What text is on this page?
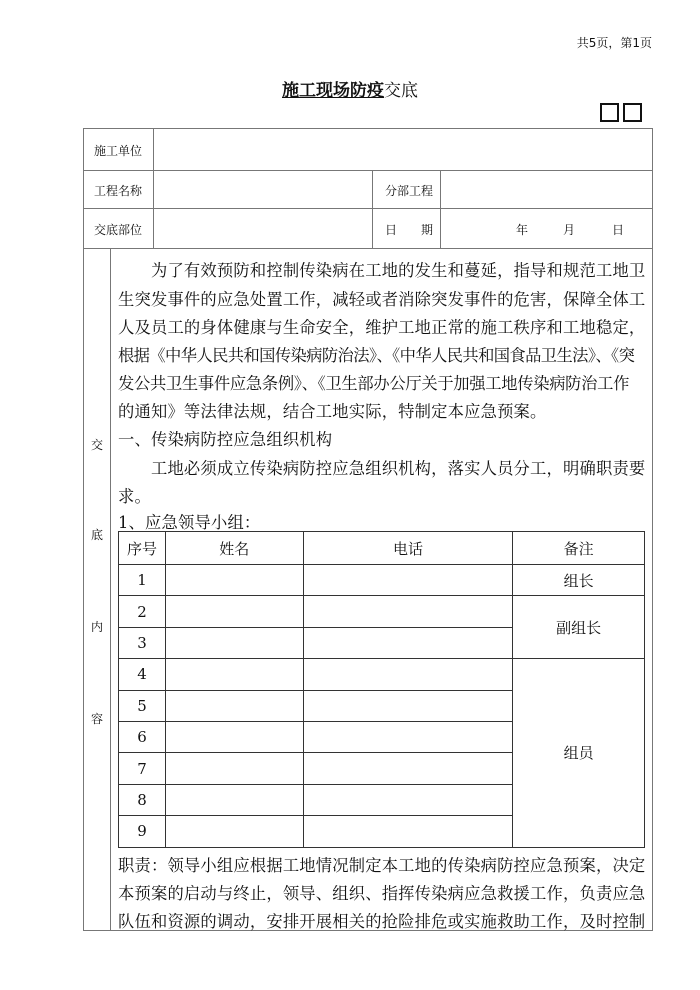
共5页，第1页
施工现场防疫交底
施工单位
工程名称	分部工程
交底部位	日　　期	年	月	日
交
底
内
容
　　为了有效预防和控制传染病在工地的发生和蔓延，指导和规范工地卫
生突发事件的应急处置工作，减轻或者消除突发事件的危害，保障全体工
人及员工的身体健康与生命安全，维护工地正常的施工秩序和工地稳定，
根据《中华人民共和国传染病防治法》、《中华人民共和国食品卫生法》、《突
发公共卫生事件应急条例》、《卫生部办公厅关于加强工地传染病防治工作
的通知》等法律法规，结合工地实际，特制定本应急预案。
一、传染病防控应急组织机构
　　工地必须成立传染病防控应急组织机构，落实人员分工，明确职责要
求。
1、应急领导小组：
序号	姓名	电话	备注
1			组长
2			副组长
3			
4			组员
5			
6			
7			
8			
9			
职责：领导小组应根据工地情况制定本工地的传染病防控应急预案，决定
本预案的启动与终止，领导、组织、指挥传染病应急救援工作，负责应急
队伍和资源的调动，安排开展相关的抢险排危或实施救助工作，及时控制
